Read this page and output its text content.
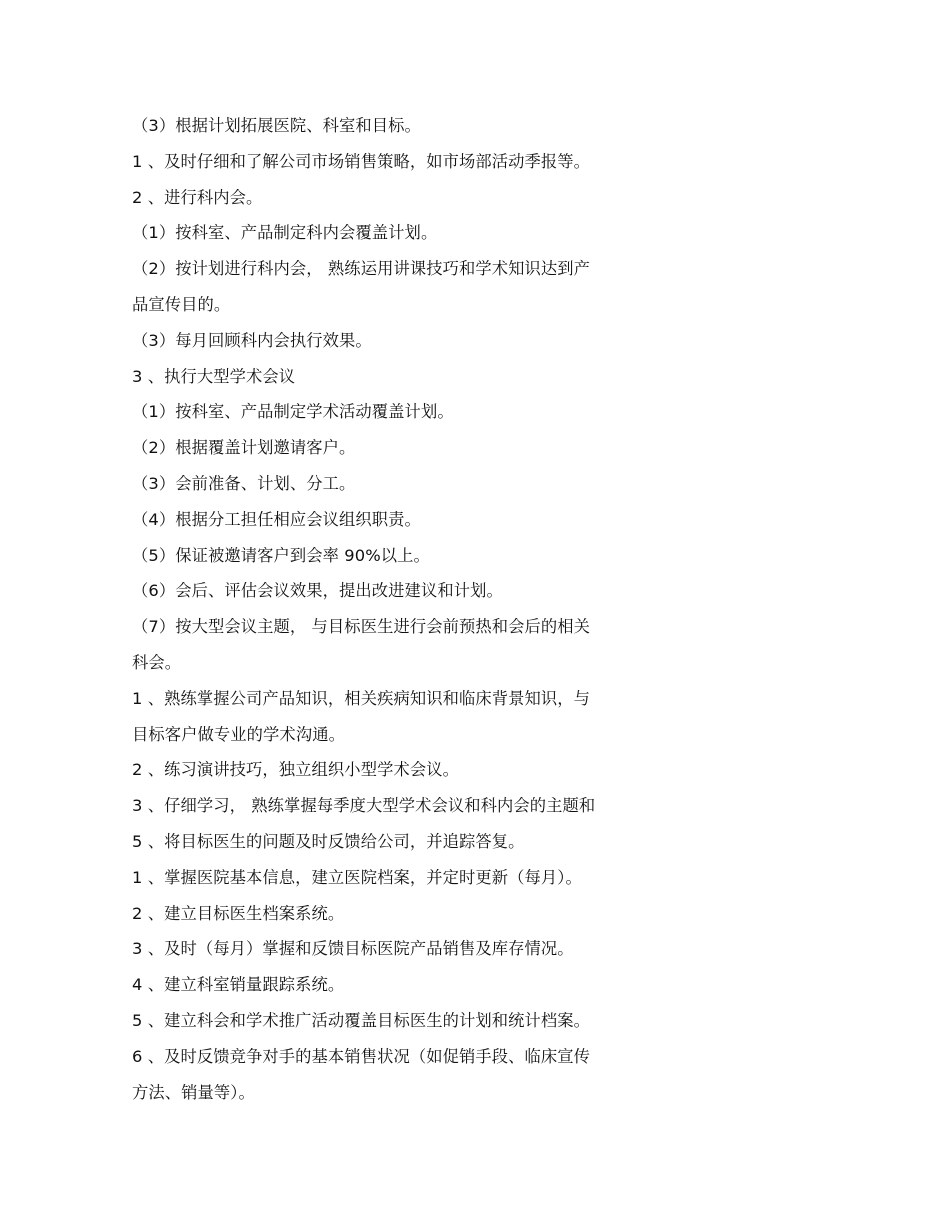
（3）根据计划拓展医院、科室和目标。
1 、及时仔细和了解公司市场销售策略，如市场部活动季报等。
2 、进行科内会。
（1）按科室、产品制定科内会覆盖计划。
（2）按计划进行科内会， 熟练运用讲课技巧和学术知识达到产
品宣传目的。
（3）每月回顾科内会执行效果。
3 、执行大型学术会议
（1）按科室、产品制定学术活动覆盖计划。
（2）根据覆盖计划邀请客户。
（3）会前准备、计划、分工。
（4）根据分工担任相应会议组织职责。
（5）保证被邀请客户到会率 90%以上。
（6）会后、评估会议效果，提出改进建议和计划。
（7）按大型会议主题， 与目标医生进行会前预热和会后的相关
科会。
1 、熟练掌握公司产品知识，相关疾病知识和临床背景知识，与
目标客户做专业的学术沟通。
2 、练习演讲技巧，独立组织小型学术会议。
3 、仔细学习， 熟练掌握每季度大型学术会议和科内会的主题和
5 、将目标医生的问题及时反馈给公司，并追踪答复。
1 、掌握医院基本信息，建立医院档案，并定时更新（每月）。
2 、建立目标医生档案系统。
3 、及时（每月）掌握和反馈目标医院产品销售及库存情况。
4 、建立科室销量跟踪系统。
5 、建立科会和学术推广活动覆盖目标医生的计划和统计档案。
6 、及时反馈竞争对手的基本销售状况（如促销手段、临床宣传
方法、销量等）。
